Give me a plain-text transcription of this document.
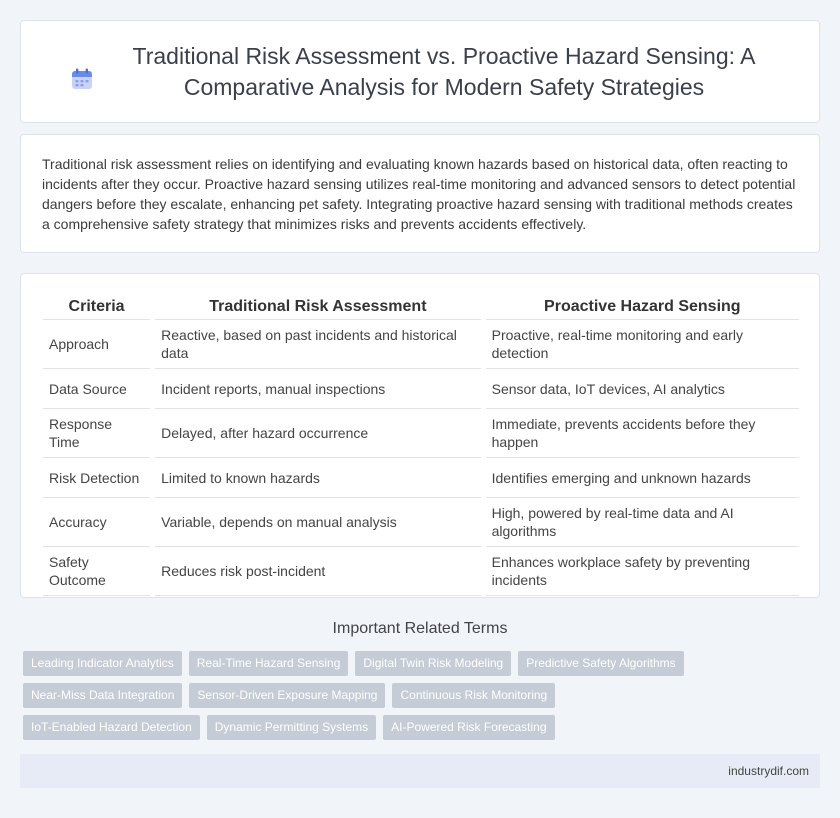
Traditional Risk Assessment vs. Proactive Hazard Sensing: A Comparative Analysis for Modern Safety Strategies

Traditional risk assessment relies on identifying and evaluating known hazards based on historical data, often reacting to incidents after they occur. Proactive hazard sensing utilizes real-time monitoring and advanced sensors to detect potential dangers before they escalate, enhancing pet safety. Integrating proactive hazard sensing with traditional methods creates a comprehensive safety strategy that minimizes risks and prevents accidents effectively.

Criteria	Traditional Risk Assessment	Proactive Hazard Sensing
Approach	Reactive, based on past incidents and historical data	Proactive, real-time monitoring and early detection
Data Source	Incident reports, manual inspections	Sensor data, IoT devices, AI analytics
Response Time	Delayed, after hazard occurrence	Immediate, prevents accidents before they happen
Risk Detection	Limited to known hazards	Identifies emerging and unknown hazards
Accuracy	Variable, depends on manual analysis	High, powered by real-time data and AI algorithms
Safety Outcome	Reduces risk post-incident	Enhances workplace safety by preventing incidents
Important Related Terms
Leading Indicator Analytics	Real-Time Hazard Sensing	Digital Twin Risk Modeling	Predictive Safety Algorithms
Near-Miss Data Integration	Sensor-Driven Exposure Mapping	Continuous Risk Monitoring
IoT-Enabled Hazard Detection	Dynamic Permitting Systems	AI-Powered Risk Forecasting
industrydif.com
